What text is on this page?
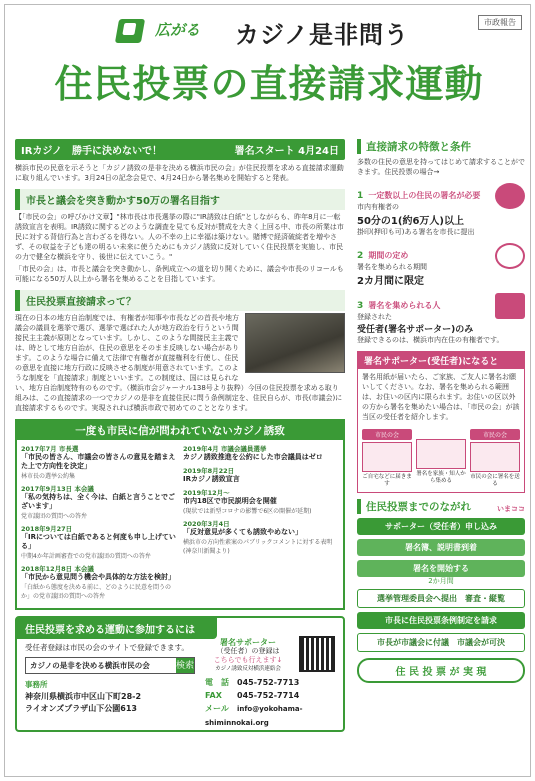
市政報告
広がる カジノ是非問う
住民投票の直接請求運動
IRカジノ　勝手に決めないで！	署名スタート 4月24日
横浜市民の民意を示そうと「カジノ誘致の是非を決める横浜市民の会」が住民投票を求める直接請求運動に取り組んでいます。3月24日の記念会見で、4月24日から署名集めを開始すると発表。
市長と議会を突き動かす50万の署名目指す
【「市民の会」の呼びかけ文章】"林市長は市長選挙の際に"IR誘致は白紙"としながらも、昨年8月に一転誘致宣言を表明。IR誘致に関するどのような調査を見ても反対が賛成を大きく上回る中、市長の所業は市民に対する背信行為と言わざるを得ない。人の不幸の上に幸福は築けない。賭博で経済破綻者を増やさず、その収益を子ども達の明るい未来に使うためにもカジノ誘致に反対していく住民投票を実施し、市民の力で健全な横浜を守り、後世に伝えていこう。"
「市民の会」は、市長と議会を突き動かし、条例成立への道を切り開くために、議会や市長のリコールも可能になる50万人以上から署名を集めることを目指しています。
住民投票直接請求って？
現在の日本の地方自治制度では、有権者が知事や市長などの首長や地方議会の議員を選挙で選び、選挙で選ばれた人が地方政治を行うという間接民主主義が原則となっています。しかし、このような間接民主主義では、時として地方自治が、住民の意思をそのまま反映しない場合があります。このような場合に備えて法律で有権者が直接権利を行使し、住民の意思を直接に地方行政に反映させる制度が用意されています。このような制度を「直接請求」制度といいます。この制度は、国には見られない、地方自治制度特有のものです。（横浜市会ジャーナル138号より抜粋）今回の住民投票を求める取り組みは、この直接請求の一つでカジノの是非を直接住民に問う条例制定を、住民自らが、市長(市議会)に直接請求するものです。実現されれば横浜市政で初めてのこととなります。
一度も市民に信が問われていないカジノ誘致
2017年7月 市長選
「市民の皆さん、市議会の皆さんの意見を踏まえた上で方向性を決定」
林市長の選挙公約集
2017年9月13日 本会議
「私の気持ちは、全く今は、白紙と言うことでございます」
党市議団の質問への答弁
2018年9月27日
「IRについては白紙であると何度も申し上げている」
中期4か年計画審査での党市議団の質問への答弁
2018年12月8日 本会議
「市民から意見問う機会や具体的な方法を検討」
「白紙から態度を決める前に、どのように民意を問うのか」の党市議団の質問への答弁
2019年4月 市議会議員選挙
カジノ誘致推進を公約にした市会議員はゼロ
2019年8月22日
IRカジノ誘致宣言
2019年12月〜
市内18区で市民説明会を開催
(現状では新型コロナの影響で6区の開催が延期)
2020年3月4日
「反対意見が多くても誘致やめない」
横浜市の方向性素案のパブリックコメントに対する表明(神奈川新聞より)
住民投票を求める運動に参加するには
受任者登録は市民の会のサイトで登録できます。
カジノの是非を決める横浜市民の会	検索
事務所
神奈川県横浜市中区山下町28-2
ライオンズプラザ山下公園613
署名サポーター
（受任者）の登録は
こちらでも行えます↓
カジノ誘致反対横浜連絡会
電　話 045-752-7713
FAX 045-752-7714
メール info@yokohama-shiminnokai.org
直接請求の特徴と条件
多数の住民の意思を持ってはじめて請求することができます。住民投票の場合→
1 一定数以上の住民の署名が必要
市内有権者の
50分の1(約6万人)以上
掛印(押印も可)ある署名を市長に提出
2 期間の定め
署名を集められる期間
2カ月間に限定
3 署名を集められる人
登録された
受任者(署名サポーター)のみ
登録できるのは、横浜市内在住の有権者です。
署名サポーター(受任者)になると
署名用紙が届いたら、ご家族、ご友人に署名お願いしてください。なお、署名を集められる範囲は、お住いの区内に限られます。お住いの区以外の方から署名を集めたい場合は、「市民の会」が該当区の受任者を紹介します。
市民の会
ご自宅などに届きます
署名を家族・知人から集める
市民の会
市民の会に署名を送る
住民投票までのながれ	いまココ
サポーター（受任者）申し込み
署名簿、説明書到着
署名を開始する
2か月間
選挙管理委員会へ提出　審査・縦覧
市長に住民投票条例制定を請求
市長が市議会に付議　市議会が可決
住 民 投 票 が 実 現
